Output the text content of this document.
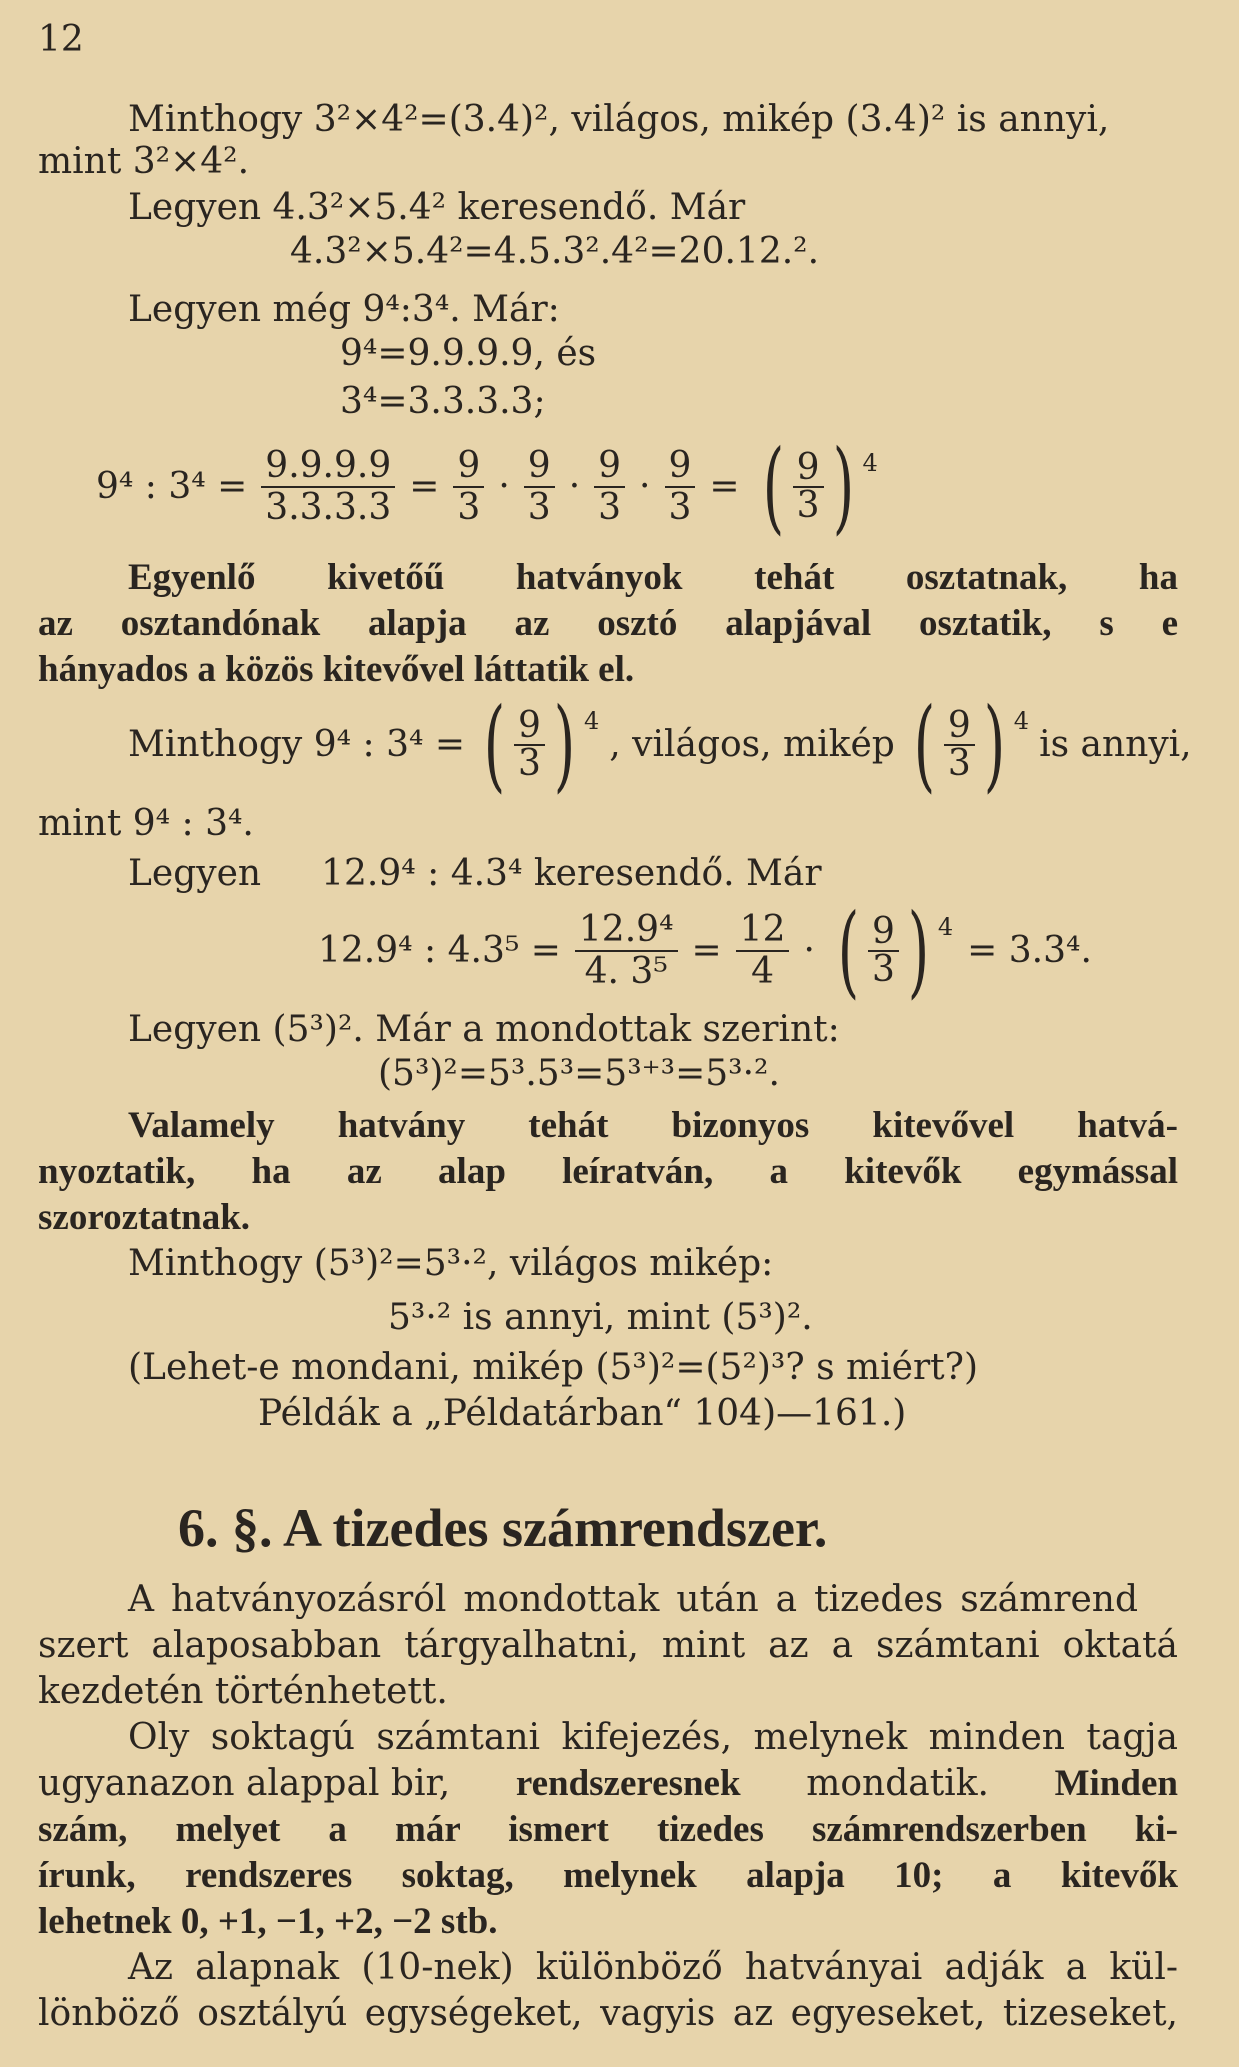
12
Minthogy 3²×4²=(3.4)², világos, mikép (3.4)² is annyi,
mint 3²×4².
Legyen 4.3²×5.4² keresendő. Már
4.3²×5.4²=4.5.3².4²=20.12.².
Legyen még 9⁴:3⁴. Már:
9⁴=9.9.9.9, és
3⁴=3.3.3.3;
9⁴ : $3^4 = \frac{9.9.9.9}{3.3.3.3} = \frac{9}{3} \cdot \frac{9}{3} \cdot \frac{9}{3} \cdot \frac{9}{3}$ = ( $\frac{9}{3}$ ) 4
Egyenlő kivetőű hatványok tehát osztatnak, ha
az osztandónak alapja az osztó alapjával osztatik, s e
hányados a közös kitevővel láttatik el.
Minthogy 9⁴ : 3⁴ = ( $\frac{9}{3}$ ) 4
, világos, mikép ( $\frac{9}{3}$ ) 4
is annyi,
mint 9⁴ : 3⁴.
Legyen 12.9⁴ : 4.3⁴ keresendő. Már
12.9⁴ : $4.3^5 = \frac{\text{12.9⁴}}{\text{4. 3⁵}} = \frac{12}{4}$ · ( $\frac{9}{3}$ ) 4
= 3.3⁴.
Legyen (5³)². Már a mondottak szerint:
(5³)²=5³.5³=5³⁺³=5³·².
Valamely hatvány tehát bizonyos kitevővel hatvá-
nyoztatik, ha az alap leíratván, a kitevők egymással
szoroztatnak.
Minthogy (5³)²=5³·², világos mikép:
5³·² is annyi, mint (5³)².
(Lehet-e mondani, mikép (5³)²=(5²)³? s miért?)
Példák a „Példatárban“ 104)—161.)
6. §. A tizedes számrendszer.
A hatványozásról mondottak után a tizedes számrend
szert alaposabban tárgyalhatni, mint az a számtani oktatá
kezdetén történhetett.
Oly soktagú számtani kifejezés, melynek minden tagja
ugyanazon alappal bir, rendszeresnek mondatik. Minden
szám, melyet a már ismert tizedes számrendszerben ki-
írunk, rendszeres soktag, melynek alapja 10; a kitevők
lehetnek 0, +1, −1, +2, −2 stb.
Az alapnak (10-nek) különböző hatványai adják a kül-
lönböző osztályú egységeket, vagyis az egyeseket, tizeseket,
